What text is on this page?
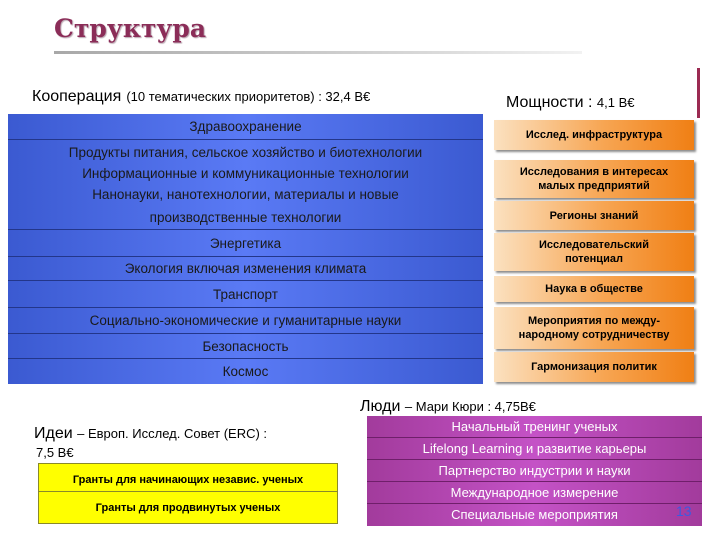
Структура
Кооперация (10 тематических приоритетов) : 32,4 B€
Здравоохранение
Продукты питания, сельское хозяйство и биотехнологии
Информационные и коммуникационные технологии
Нанонауки, нанотехнологии, материалы и новые
производственные технологии
Энергетика
Экология включая изменения климата
Транспорт
Социально-экономические и гуманитарные науки
Безопасность
Космос
Мощности : 4,1 B€
Исслед. инфраструктура
Исследования в интересах малых предприятий
Регионы знаний
Исследовательский потенциал
Наука в обществе
Мероприятия по между-народному сотрудничеству
Гармонизация политик
Люди – Мари Кюри : 4,75B€
Начальный тренинг ученых
Lifelong Learning и развитие карьеры
Партнерство индустрии и науки
Международное измерение
Специальные мероприятия	13
Идеи – Европ. Исслед. Совет (ERC) :
7,5 B€
Гранты для начинающих независ. ученых
Гранты для продвинутых ученых
